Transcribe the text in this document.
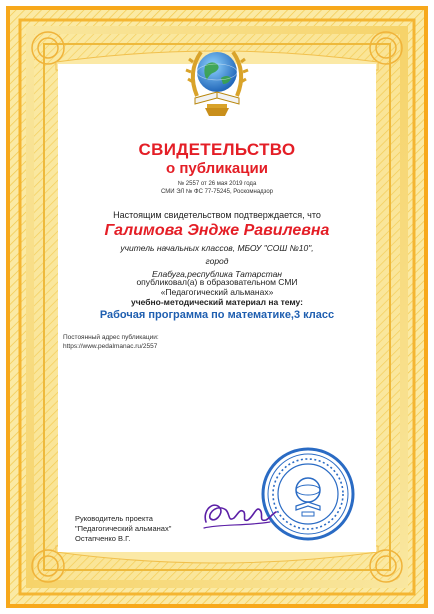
СВИДЕТЕЛЬСТВО
о публикации
№ 2557 от 26 мая 2019 года
СМИ ЭЛ № ФС 77-75245, Роскомнадзор
Настоящим свидетельством подтверждается, что
Галимова Эндже Равилевна
учитель начальных классов, МБОУ "СОШ №10", город
Елабуга,республика Татарстан
опубликовал(а) в образовательном СМИ
«Педагогический альманах»
учебно-методический материал на тему:
Рабочая программа по математике,3 класс
Постоянный адрес публикации:
https://www.pedalmanac.ru/2557
Руководитель проекта
"Педагогический альманах"
Остапченко В.Г.
